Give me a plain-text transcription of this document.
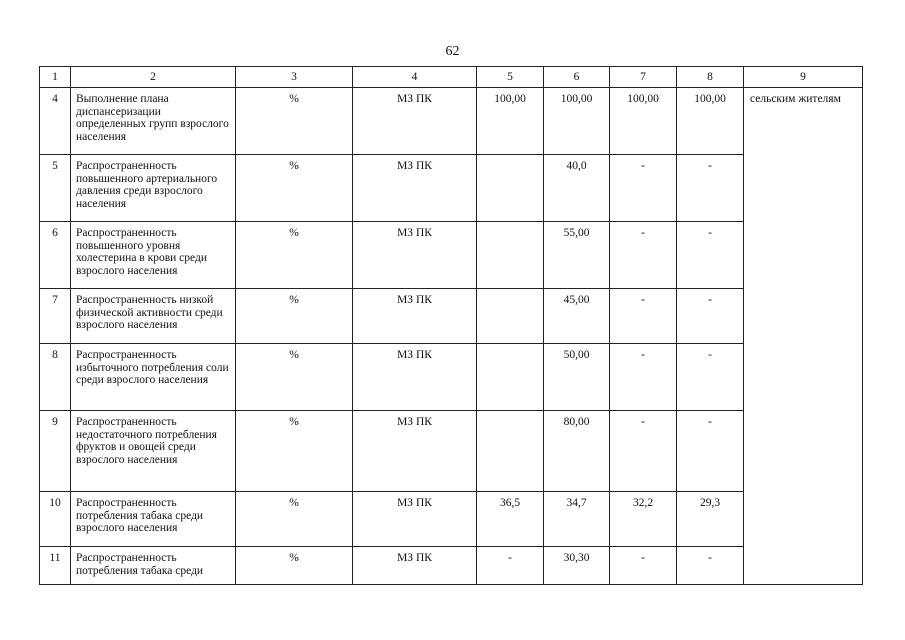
62
1	2	3	4	5	6	7	8	9
4	Выполнение плана диспансеризации определенных групп взрослого населения	%	МЗ ПК	100,00	100,00	100,00	100,00	сельским жителям
5	Распространенность повышенного артериального давления среди взрослого населения	%	МЗ ПК		40,0	-	-	
6	Распространенность повышенного уровня холестерина в крови среди взрослого населения	%	МЗ ПК		55,00	-	-	
7	Распространенность низкой физической активности среди взрослого населения	%	МЗ ПК		45,00	-	-	
8	Распространенность избыточного потребления соли среди взрослого населения	%	МЗ ПК		50,00	-	-	
9	Распространенность недостаточного потребления фруктов и овощей среди взрослого населения	%	МЗ ПК		80,00	-	-	
10	Распространенность потребления табака среди взрослого населения	%	МЗ ПК	36,5	34,7	32,2	29,3	
11	Распространенность потребления табака среди	%	МЗ ПК	-	30,30	-	-	
